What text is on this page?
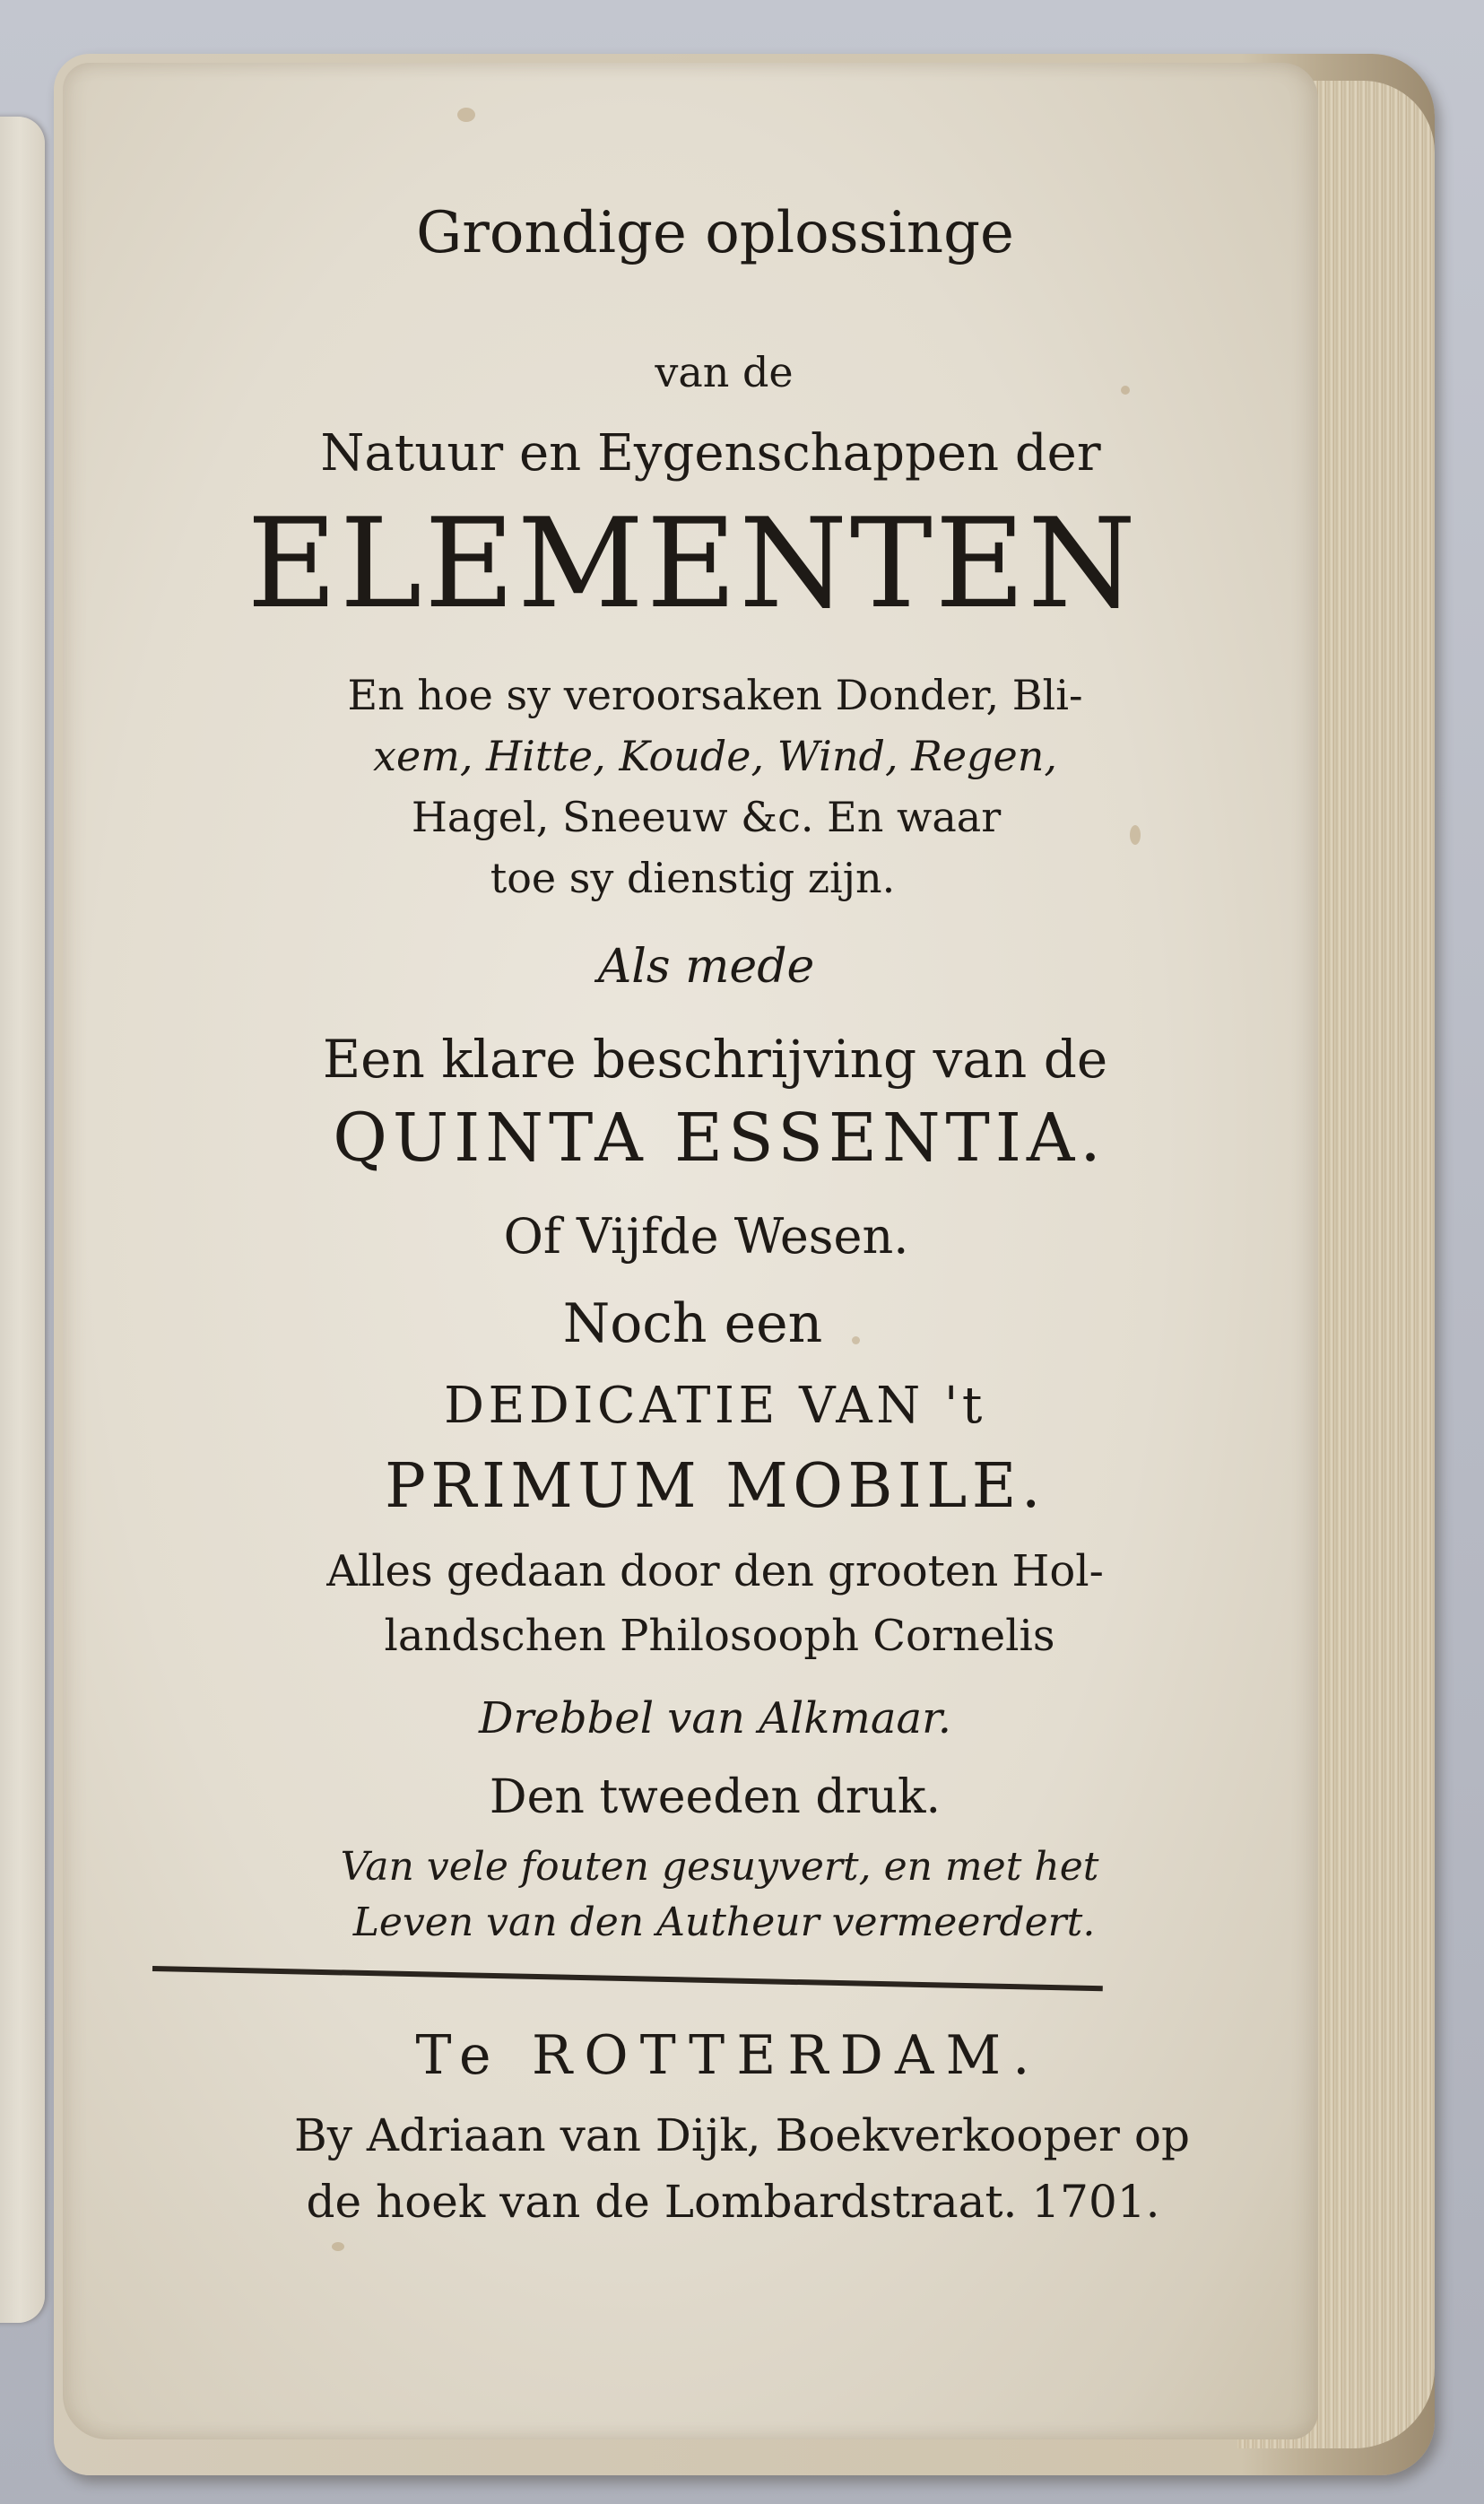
Grondige oplossinge

van de

Natuur en Eygenschappen der

ELEMENTEN

En hoe sy veroorsaken Donder, Bli-

xem, Hitte, Koude, Wind, Regen,

Hagel, Sneeuw &c. En waar

toe sy dienstig zijn.

Als mede

Een klare beschrijving van de

QUINTA ESSENTIA.

Of Vijfde Wesen.

Noch een

DEDICATIE VAN 't

PRIMUM MOBILE.

Alles gedaan door den grooten Hol-

landschen Philosooph Cornelis

Drebbel van Alkmaar.

Den tweeden druk.

Van vele fouten gesuyvert, en met het

Leven van den Autheur vermeerdert.

Te ROTTERDAM.

By Adriaan van Dijk, Boekverkooper op

de hoek van de Lombardstraat. 1701.
